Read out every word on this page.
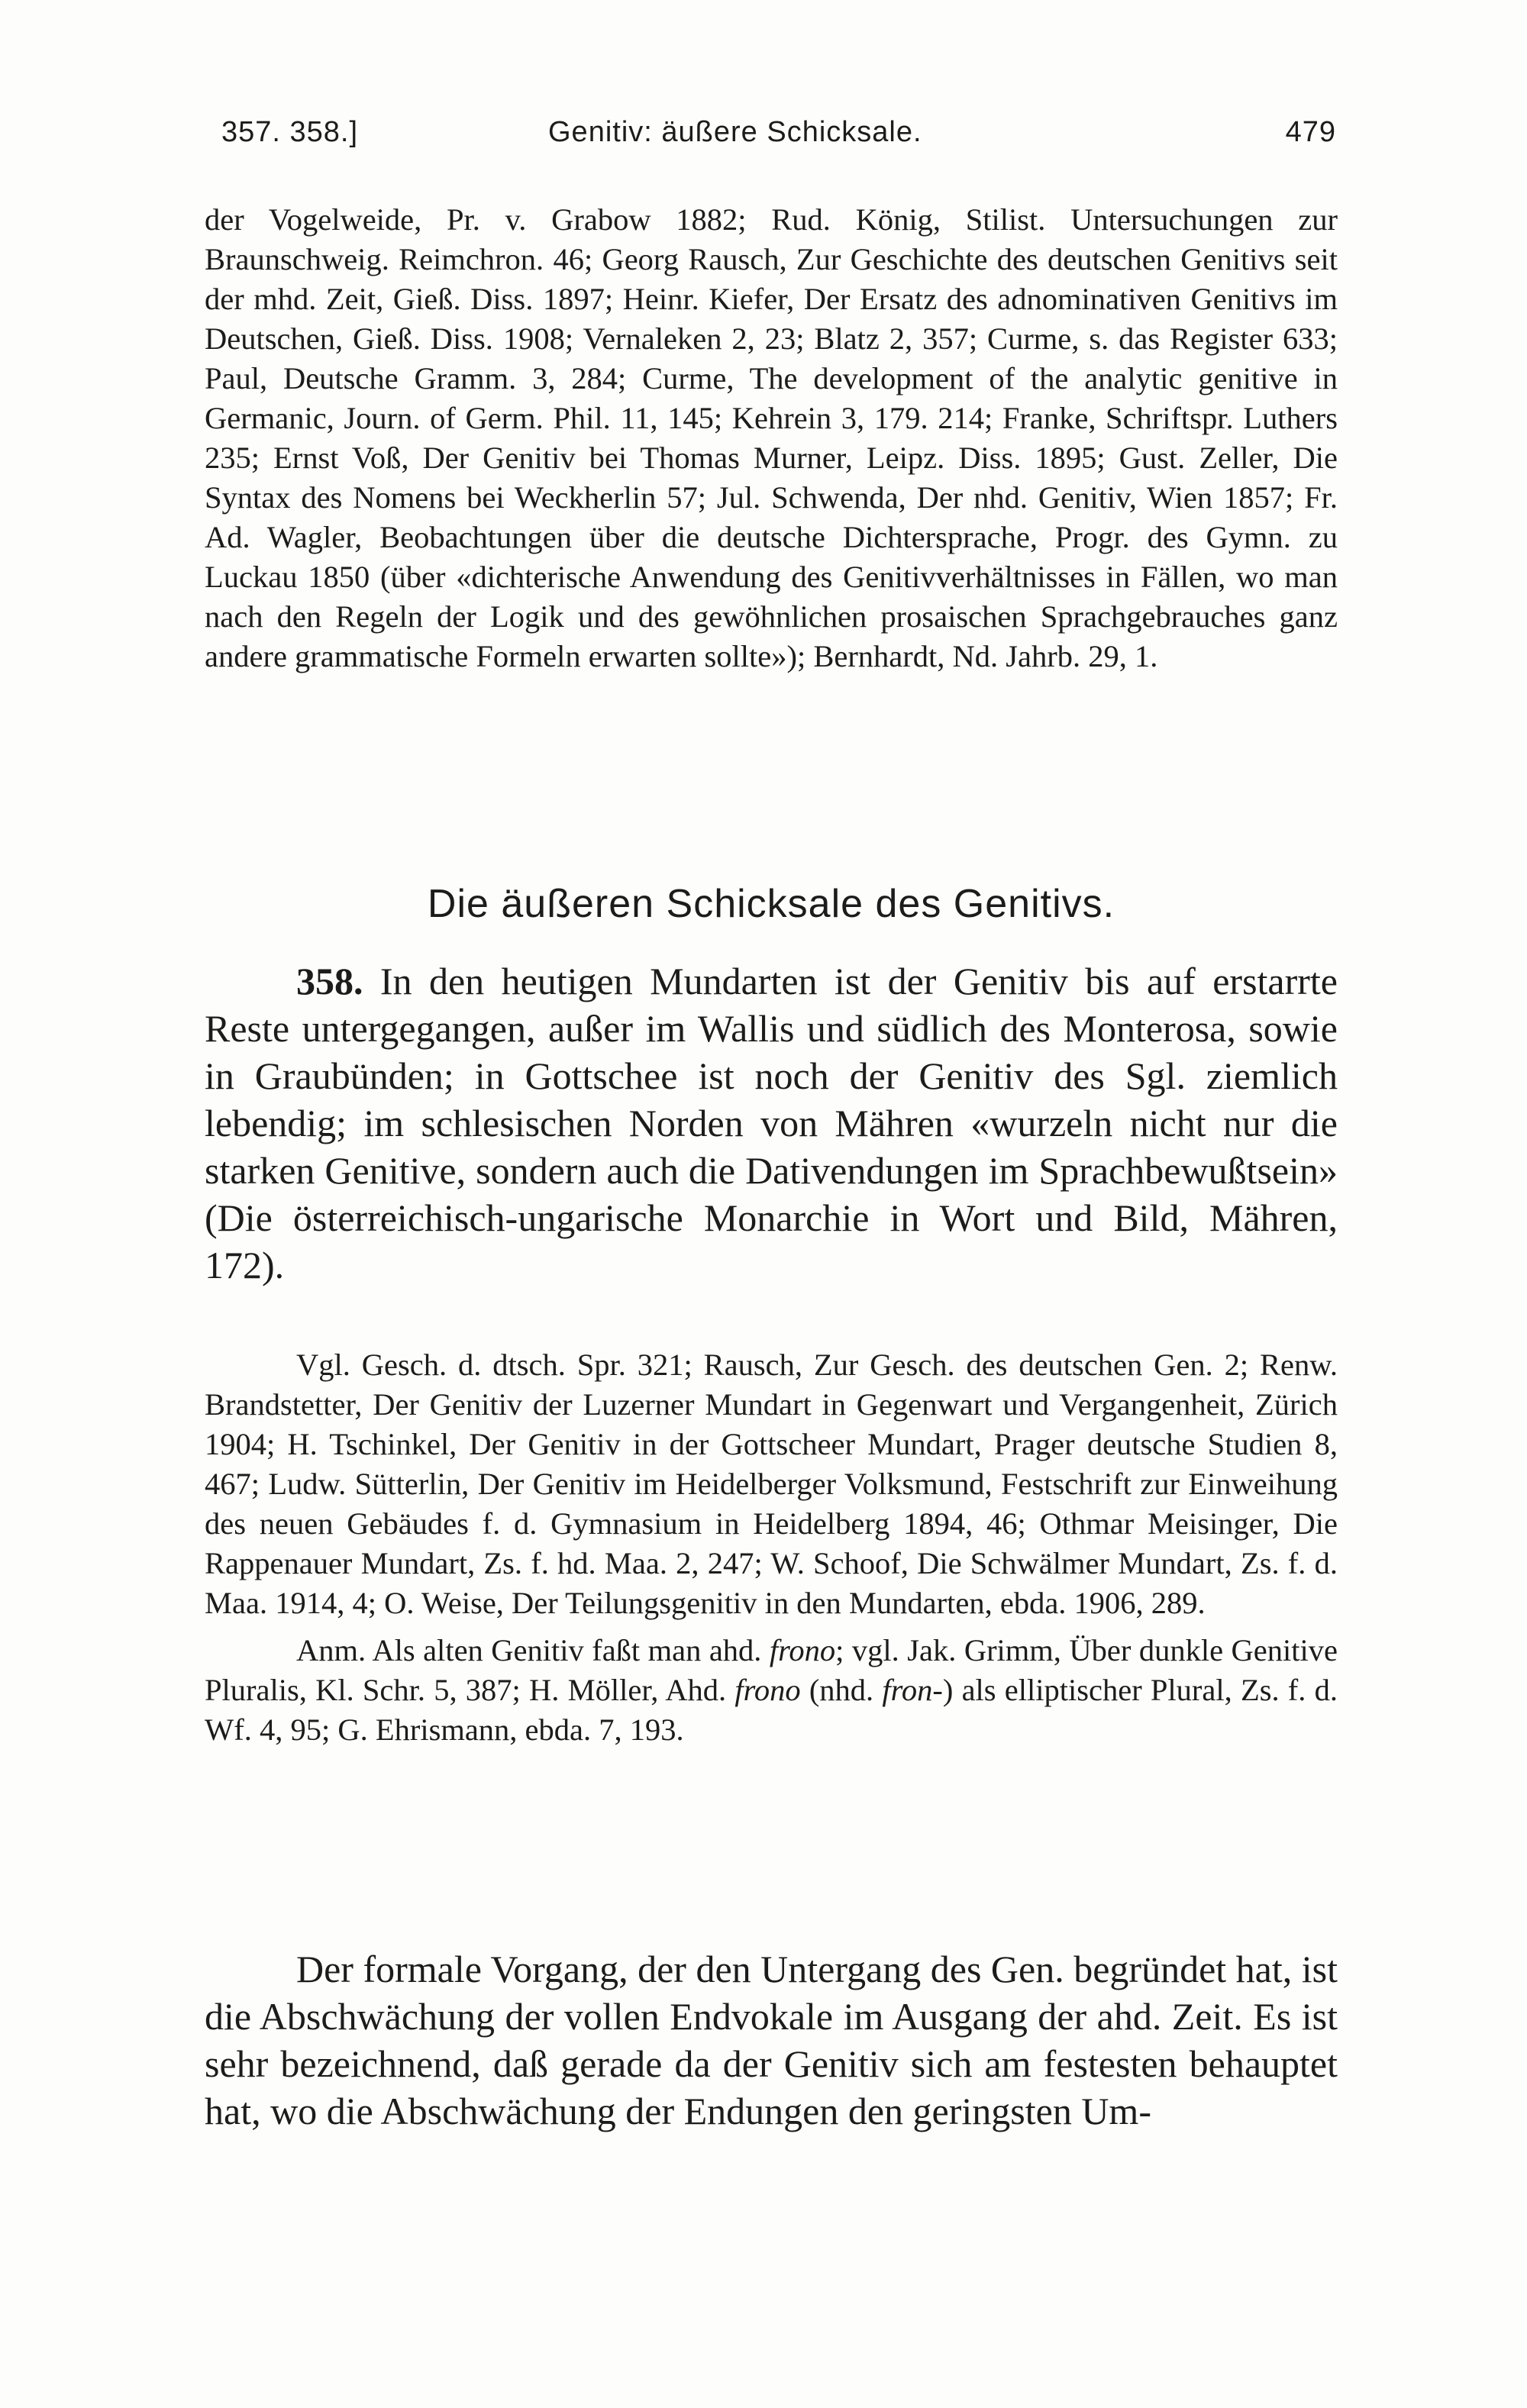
357. 358.]	Genitiv: äußere Schicksale.	479

der Vogelweide, Pr. v. Grabow 1882; Rud. König, Stilist. Untersuchungen zur Braunschweig. Reimchron. 46; Georg Rausch, Zur Geschichte des deutschen Genitivs seit der mhd. Zeit, Gieß. Diss. 1897; Heinr. Kiefer, Der Ersatz des adnominativen Genitivs im Deutschen, Gieß. Diss. 1908; Vernaleken 2, 23; Blatz 2, 357; Curme, s. das Register 633; Paul, Deutsche Gramm. 3, 284; Curme, The development of the analytic genitive in Germanic, Journ. of Germ. Phil. 11, 145; Kehrein 3, 179. 214; Franke, Schriftspr. Luthers 235; Ernst Voß, Der Genitiv bei Thomas Murner, Leipz. Diss. 1895; Gust. Zeller, Die Syntax des Nomens bei Weckherlin 57; Jul. Schwenda, Der nhd. Genitiv, Wien 1857; Fr. Ad. Wagler, Beobachtungen über die deutsche Dichtersprache, Progr. des Gymn. zu Luckau 1850 (über «dichterische Anwendung des Genitivverhältnisses in Fällen, wo man nach den Regeln der Logik und des gewöhnlichen prosaischen Sprachgebrauches ganz andere grammatische Formeln erwarten sollte»); Bernhardt, Nd. Jahrb. 29, 1.

Die äußeren Schicksale des Genitivs.

358. In den heutigen Mundarten ist der Genitiv bis auf erstarrte Reste untergegangen, außer im Wallis und südlich des Monterosa, sowie in Graubünden; in Gottschee ist noch der Genitiv des Sgl. ziemlich lebendig; im schlesischen Norden von Mähren «wurzeln nicht nur die starken Genitive, sondern auch die Dativendungen im Sprachbewußtsein» (Die österreichisch-ungarische Monarchie in Wort und Bild, Mähren, 172).

Vgl. Gesch. d. dtsch. Spr. 321; Rausch, Zur Gesch. des deutschen Gen. 2; Renw. Brandstetter, Der Genitiv der Luzerner Mundart in Gegenwart und Vergangenheit, Zürich 1904; H. Tschinkel, Der Genitiv in der Gottscheer Mundart, Prager deutsche Studien 8, 467; Ludw. Sütterlin, Der Genitiv im Heidelberger Volksmund, Festschrift zur Einweihung des neuen Gebäudes f. d. Gymnasium in Heidelberg 1894, 46; Othmar Meisinger, Die Rappenauer Mundart, Zs. f. hd. Maa. 2, 247; W. Schoof, Die Schwälmer Mundart, Zs. f. d. Maa. 1914, 4; O. Weise, Der Teilungsgenitiv in den Mundarten, ebda. 1906, 289.

Anm. Als alten Genitiv faßt man ahd. frono; vgl. Jak. Grimm, Über dunkle Genitive Pluralis, Kl. Schr. 5, 387; H. Möller, Ahd. frono (nhd. fron-) als elliptischer Plural, Zs. f. d. Wf. 4, 95; G. Ehrismann, ebda. 7, 193.

Der formale Vorgang, der den Untergang des Gen. begründet hat, ist die Abschwächung der vollen Endvokale im Ausgang der ahd. Zeit. Es ist sehr bezeichnend, daß gerade da der Genitiv sich am festesten behauptet hat, wo die Abschwächung der Endungen den geringsten Um-
